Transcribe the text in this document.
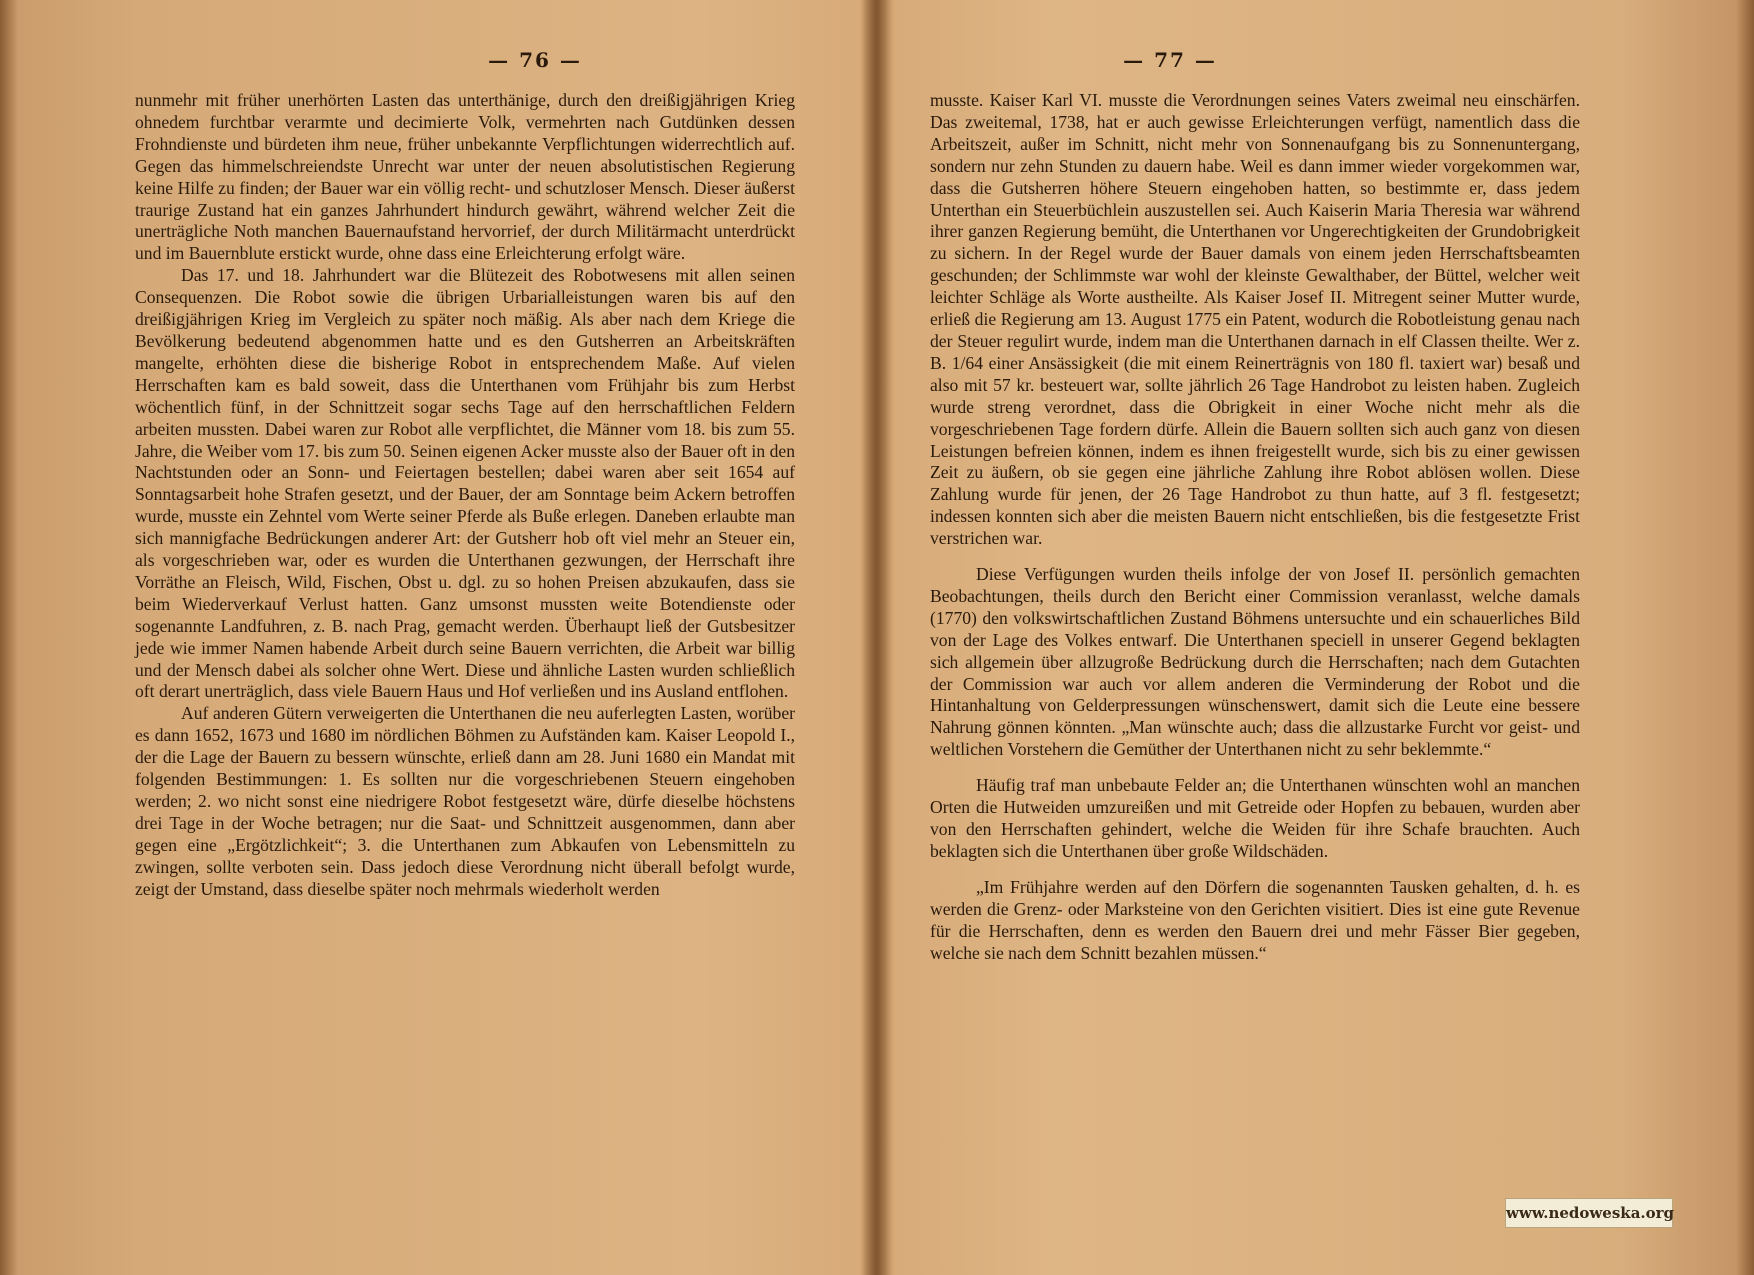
— 76 —

nunmehr mit früher unerhörten Lasten das unterthänige, durch den dreißigjährigen Krieg ohnedem furchtbar verarmte und decimierte Volk, vermehrten nach Gutdünken dessen Frohndienste und bürdeten ihm neue, früher unbekannte Verpflichtungen widerrechtlich auf. Gegen das himmelschreiendste Unrecht war unter der neuen absolutistischen Regierung keine Hilfe zu finden; der Bauer war ein völlig recht- und schutzloser Mensch. Dieser äußerst traurige Zustand hat ein ganzes Jahrhundert hindurch gewährt, während welcher Zeit die unerträgliche Noth manchen Bauernaufstand hervorrief, der durch Militärmacht unterdrückt und im Bauernblute erstickt wurde, ohne dass eine Erleichterung erfolgt wäre.

Das 17. und 18. Jahrhundert war die Blütezeit des Robotwesens mit allen seinen Consequenzen. Die Robot sowie die übrigen Urbarialleistungen waren bis auf den dreißigjährigen Krieg im Vergleich zu später noch mäßig. Als aber nach dem Kriege die Bevölkerung bedeutend abgenommen hatte und es den Gutsherren an Arbeitskräften mangelte, erhöhten diese die bisherige Robot in entsprechendem Maße. Auf vielen Herrschaften kam es bald soweit, dass die Unterthanen vom Frühjahr bis zum Herbst wöchentlich fünf, in der Schnittzeit sogar sechs Tage auf den herrschaftlichen Feldern arbeiten mussten. Dabei waren zur Robot alle verpflichtet, die Männer vom 18. bis zum 55. Jahre, die Weiber vom 17. bis zum 50. Seinen eigenen Acker musste also der Bauer oft in den Nachtstunden oder an Sonn- und Feiertagen bestellen; dabei waren aber seit 1654 auf Sonntagsarbeit hohe Strafen gesetzt, und der Bauer, der am Sonntage beim Ackern betroffen wurde, musste ein Zehntel vom Werte seiner Pferde als Buße erlegen. Daneben erlaubte man sich mannigfache Bedrückungen anderer Art: der Gutsherr hob oft viel mehr an Steuer ein, als vorgeschrieben war, oder es wurden die Unterthanen gezwungen, der Herrschaft ihre Vorräthe an Fleisch, Wild, Fischen, Obst u. dgl. zu so hohen Preisen abzukaufen, dass sie beim Wiederverkauf Verlust hatten. Ganz umsonst mussten weite Botendienste oder sogenannte Landfuhren, z. B. nach Prag, gemacht werden. Überhaupt ließ der Gutsbesitzer jede wie immer Namen habende Arbeit durch seine Bauern verrichten, die Arbeit war billig und der Mensch dabei als solcher ohne Wert. Diese und ähnliche Lasten wurden schließlich oft derart unerträglich, dass viele Bauern Haus und Hof verließen und ins Ausland entflohen.

Auf anderen Gütern verweigerten die Unterthanen die neu auferlegten Lasten, worüber es dann 1652, 1673 und 1680 im nördlichen Böhmen zu Aufständen kam. Kaiser Leopold I., der die Lage der Bauern zu bessern wünschte, erließ dann am 28. Juni 1680 ein Mandat mit folgenden Bestimmungen: 1. Es sollten nur die vorgeschriebenen Steuern eingehoben werden; 2. wo nicht sonst eine niedrigere Robot festgesetzt wäre, dürfe dieselbe höchstens drei Tage in der Woche betragen; nur die Saat- und Schnittzeit ausgenommen, dann aber gegen eine „Ergötzlichkeit“; 3. die Unterthanen zum Abkaufen von Lebensmitteln zu zwingen, sollte verboten sein. Dass jedoch diese Verordnung nicht überall befolgt wurde, zeigt der Umstand, dass dieselbe später noch mehrmals wiederholt werden

— 77 —

musste. Kaiser Karl VI. musste die Verordnungen seines Vaters zweimal neu einschärfen. Das zweitemal, 1738, hat er auch gewisse Erleichterungen verfügt, namentlich dass die Arbeitszeit, außer im Schnitt, nicht mehr von Sonnenaufgang bis zu Sonnenuntergang, sondern nur zehn Stunden zu dauern habe. Weil es dann immer wieder vorgekommen war, dass die Gutsherren höhere Steuern eingehoben hatten, so bestimmte er, dass jedem Unterthan ein Steuerbüchlein auszustellen sei. Auch Kaiserin Maria Theresia war während ihrer ganzen Regierung bemüht, die Unterthanen vor Ungerechtigkeiten der Grundobrigkeit zu sichern. In der Regel wurde der Bauer damals von einem jeden Herrschaftsbeamten geschunden; der Schlimmste war wohl der kleinste Gewalthaber, der Büttel, welcher weit leichter Schläge als Worte austheilte. Als Kaiser Josef II. Mitregent seiner Mutter wurde, erließ die Regierung am 13. August 1775 ein Patent, wodurch die Robotleistung genau nach der Steuer regulirt wurde, indem man die Unterthanen darnach in elf Classen theilte. Wer z. B. 1/64 einer Ansässigkeit (die mit einem Reinerträgnis von 180 fl. taxiert war) besaß und also mit 57 kr. besteuert war, sollte jährlich 26 Tage Handrobot zu leisten haben. Zugleich wurde streng verordnet, dass die Obrigkeit in einer Woche nicht mehr als die vorgeschriebenen Tage fordern dürfe. Allein die Bauern sollten sich auch ganz von diesen Leistungen befreien können, indem es ihnen freigestellt wurde, sich bis zu einer gewissen Zeit zu äußern, ob sie gegen eine jährliche Zahlung ihre Robot ablösen wollen. Diese Zahlung wurde für jenen, der 26 Tage Handrobot zu thun hatte, auf 3 fl. festgesetzt; indessen konnten sich aber die meisten Bauern nicht entschließen, bis die festgesetzte Frist verstrichen war.

Diese Verfügungen wurden theils infolge der von Josef II. persönlich gemachten Beobachtungen, theils durch den Bericht einer Commission veranlasst, welche damals (1770) den volkswirtschaftlichen Zustand Böhmens untersuchte und ein schauerliches Bild von der Lage des Volkes entwarf. Die Unterthanen speciell in unserer Gegend beklagten sich allgemein über allzugroße Bedrückung durch die Herrschaften; nach dem Gutachten der Commission war auch vor allem anderen die Verminderung der Robot und die Hintanhaltung von Gelderpressungen wünschenswert, damit sich die Leute eine bessere Nahrung gönnen könnten. „Man wünschte auch; dass die allzustarke Furcht vor geist- und weltlichen Vorstehern die Gemüther der Unterthanen nicht zu sehr beklemmte.“

Häufig traf man unbebaute Felder an; die Unterthanen wünschten wohl an manchen Orten die Hutweiden umzureißen und mit Getreide oder Hopfen zu bebauen, wurden aber von den Herrschaften gehindert, welche die Weiden für ihre Schafe brauchten. Auch beklagten sich die Unterthanen über große Wildschäden.

„Im Frühjahre werden auf den Dörfern die sogenannten Tausken gehalten, d. h. es werden die Grenz- oder Marksteine von den Gerichten visitiert. Dies ist eine gute Revenue für die Herrschaften, denn es werden den Bauern drei und mehr Fässer Bier gegeben, welche sie nach dem Schnitt bezahlen müssen.“

www.nedoweska.org
